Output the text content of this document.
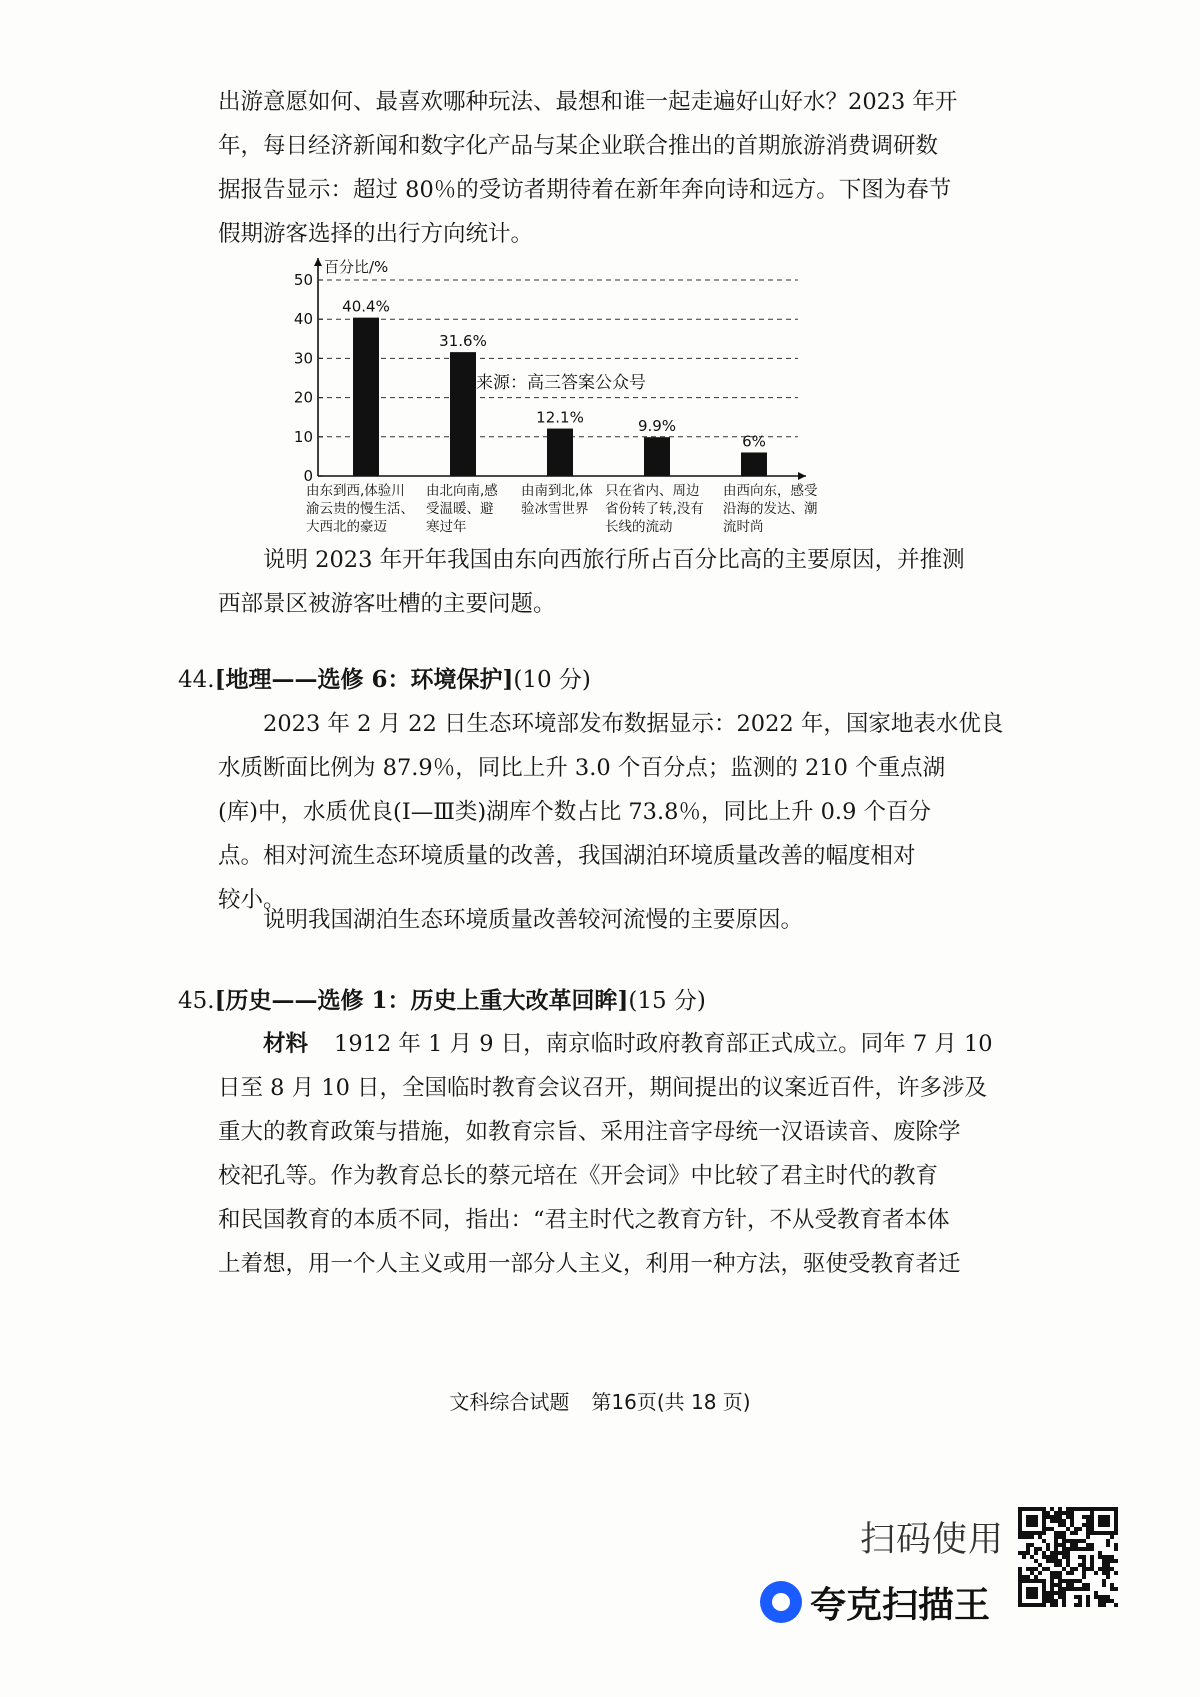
出游意愿如何、最喜欢哪种玩法、最想和谁一起走遍好山好水？2023 年开
年，每日经济新闻和数字化产品与某企业联合推出的首期旅游消费调研数
据报告显示：超过 80％的受访者期待着在新年奔向诗和远方。下图为春节
假期游客选择的出行方向统计。
百分比/%
0
10
20
30
40
50
40.4%
31.6%
12.1%	9.9%
6%
由东到西,体验川
渝云贵的慢生活、
大西北的豪迈
由北向南,感
受温暖、避
寒过年
由南到北,体
验冰雪世界
只在省内、周边
省份转了转,没有
长线的流动
由西向东，感受
沿海的发达、潮
流时尚
来源：高三答案公众号
说明 2023 年开年我国由东向西旅行所占百分比高的主要原因，并推测
西部景区被游客吐槽的主要问题。
44.[地理——选修 6：环境保护](10 分)
2023 年 2 月 22 日生态环境部发布数据显示：2022 年，国家地表水优良
水质断面比例为 87.9％，同比上升 3.0 个百分点；监测的 210 个重点湖
(库)中，水质优良(Ⅰ—Ⅲ类)湖库个数占比 73.8％，同比上升 0.9 个百分
点。相对河流生态环境质量的改善，我国湖泊环境质量改善的幅度相对
较小。
说明我国湖泊生态环境质量改善较河流慢的主要原因。
45.[历史——选修 1：历史上重大改革回眸](15 分)
材料 1912 年 1 月 9 日，南京临时政府教育部正式成立。同年 7 月 10
日至 8 月 10 日，全国临时教育会议召开，期间提出的议案近百件，许多涉及
重大的教育政策与措施，如教育宗旨、采用注音字母统一汉语读音、废除学
校祀孔等。作为教育总长的蔡元培在《开会词》中比较了君主时代的教育
和民国教育的本质不同，指出：“君主时代之教育方针，不从受教育者本体
上着想，用一个人主义或用一部分人主义，利用一种方法，驱使受教育者迁
文科综合试题 第16页(共 18 页)
扫码使用
夸克扫描王
